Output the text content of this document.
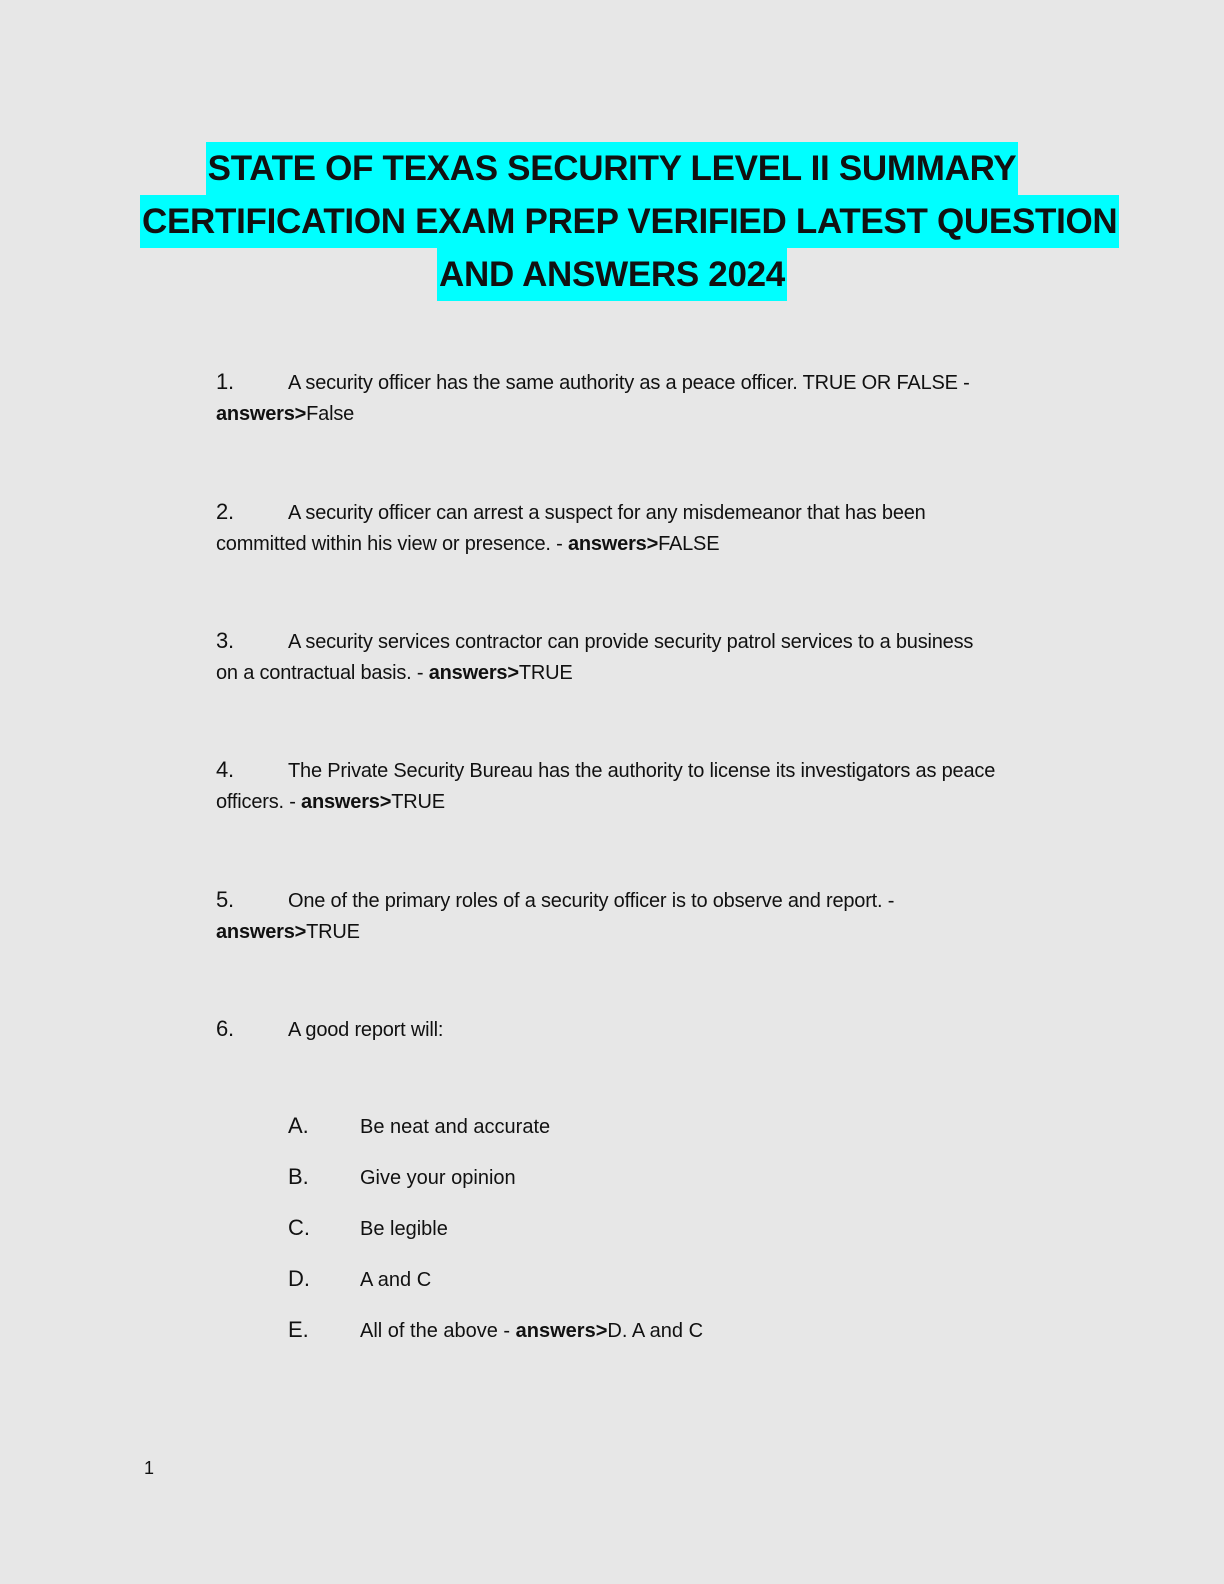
STATE OF TEXAS SECURITY LEVEL II SUMMARY
CERTIFICATION EXAM PREP VERIFIED LATEST QUESTION
AND ANSWERS 2024
1.	A security officer has the same authority as a peace officer. TRUE OR FALSE -
answers>False
2.	A security officer can arrest a suspect for any misdemeanor that has been
committed within his view or presence. - answers>FALSE
3.	A security services contractor can provide security patrol services to a business
on a contractual basis. - answers>TRUE
4.	The Private Security Bureau has the authority to license its investigators as peace
officers. - answers>TRUE
5.	One of the primary roles of a security officer is to observe and report. -
answers>TRUE
6.	A good report will:
A.	Be neat and accurate
B.	Give your opinion
C.	Be legible
D.	A and C
E.	All of the above - answers>D. A and C
1
